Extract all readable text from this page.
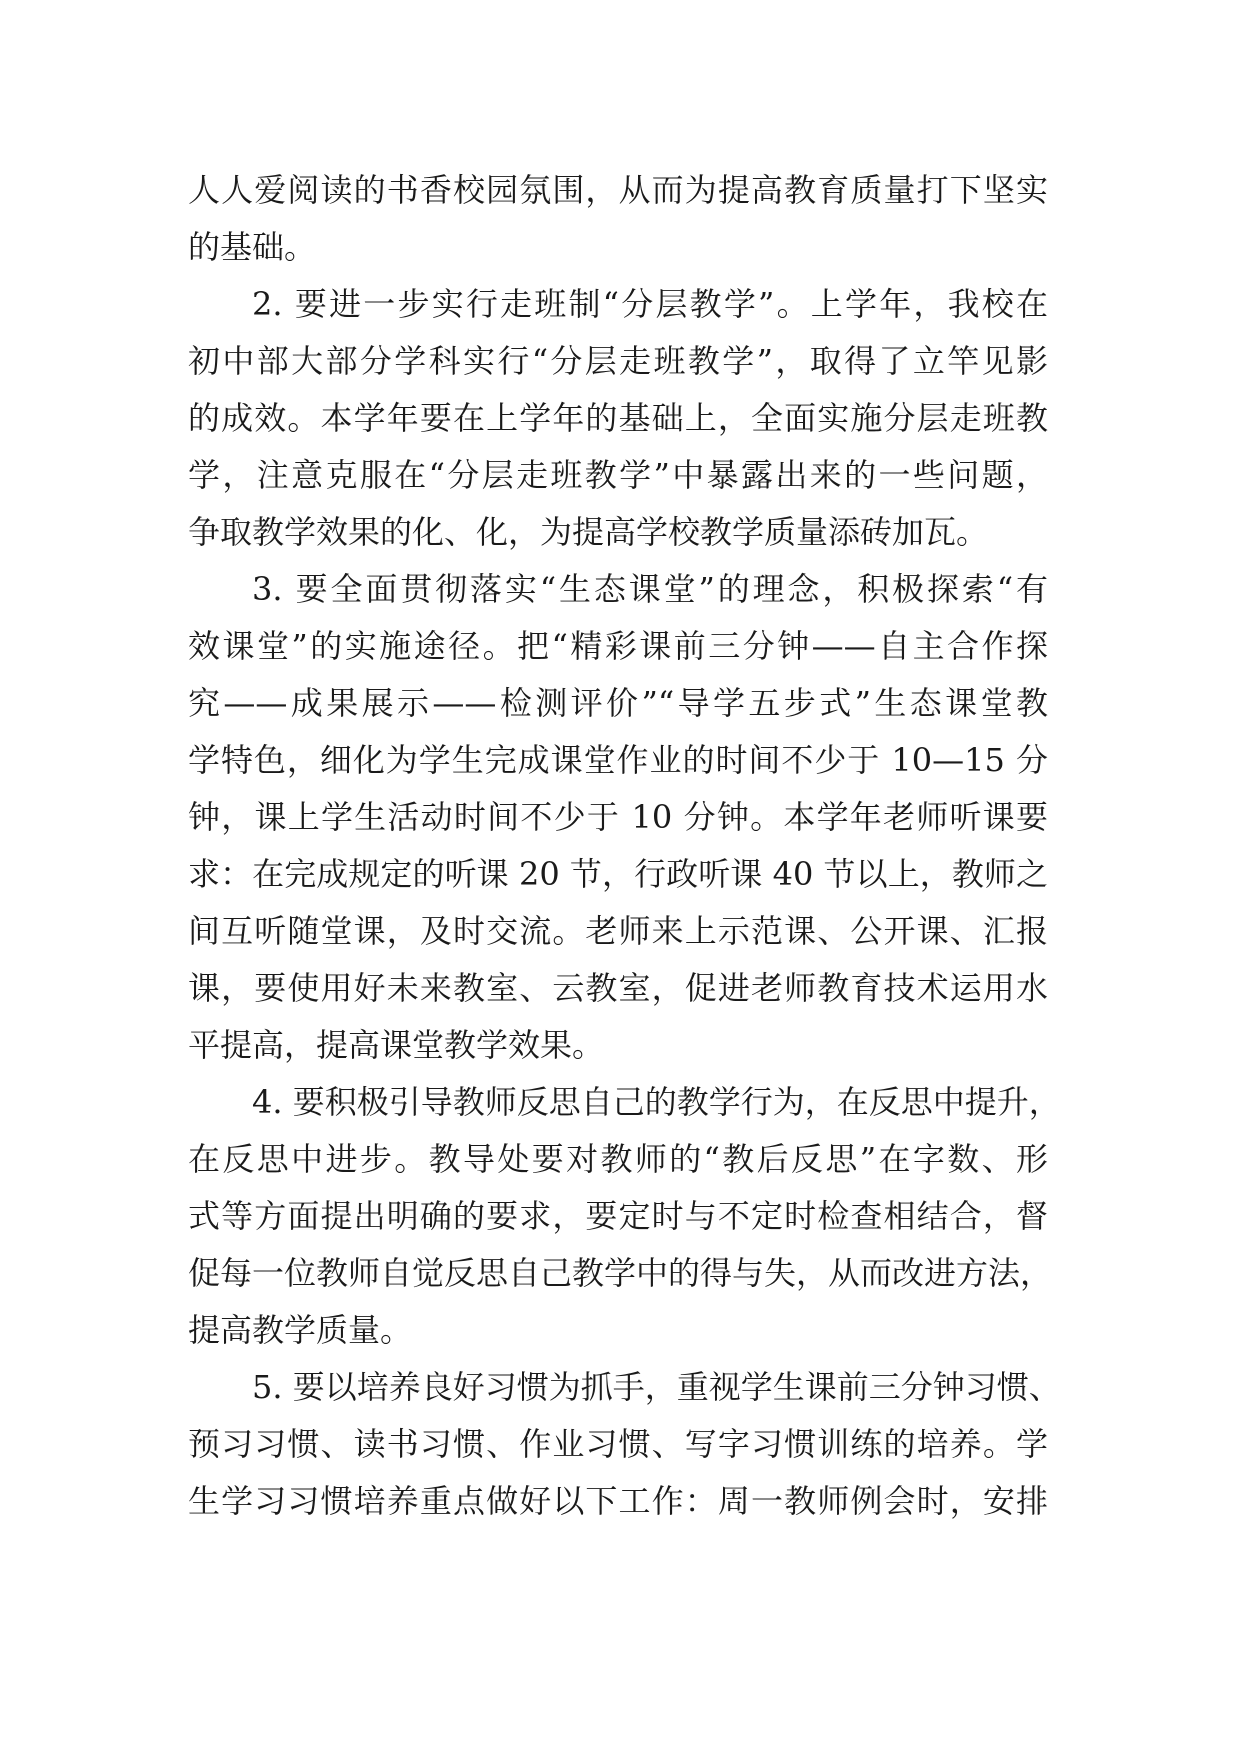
人人爱阅读的书香校园氛围，从而为提高教育质量打下坚实
的基础。
2. 要进一步实行走班制“分层教学”。上学年，我校在
初中部大部分学科实行“分层走班教学”，取得了立竿见影
的成效。本学年要在上学年的基础上，全面实施分层走班教
学，注意克服在“分层走班教学”中暴露出来的一些问题，
争取教学效果的化、化，为提高学校教学质量添砖加瓦。
3. 要全面贯彻落实“生态课堂”的理念，积极探索“有
效课堂”的实施途径。把“精彩课前三分钟——自主合作探
究——成果展示——检测评价”“导学五步式”生态课堂教
学特色，细化为学生完成课堂作业的时间不少于 10—15 分
钟，课上学生活动时间不少于 10 分钟。本学年老师听课要
求：在完成规定的听课 20 节，行政听课 40 节以上，教师之
间互听随堂课，及时交流。老师来上示范课、公开课、汇报
课，要使用好未来教室、云教室，促进老师教育技术运用水
平提高，提高课堂教学效果。
4. 要积极引导教师反思自己的教学行为，在反思中提升，
在反思中进步。教导处要对教师的“教后反思”在字数、形
式等方面提出明确的要求，要定时与不定时检查相结合，督
促每一位教师自觉反思自己教学中的得与失，从而改进方法，
提高教学质量。
5. 要以培养良好习惯为抓手，重视学生课前三分钟习惯、
预习习惯、读书习惯、作业习惯、写字习惯训练的培养。学
生学习习惯培养重点做好以下工作：周一教师例会时，安排
